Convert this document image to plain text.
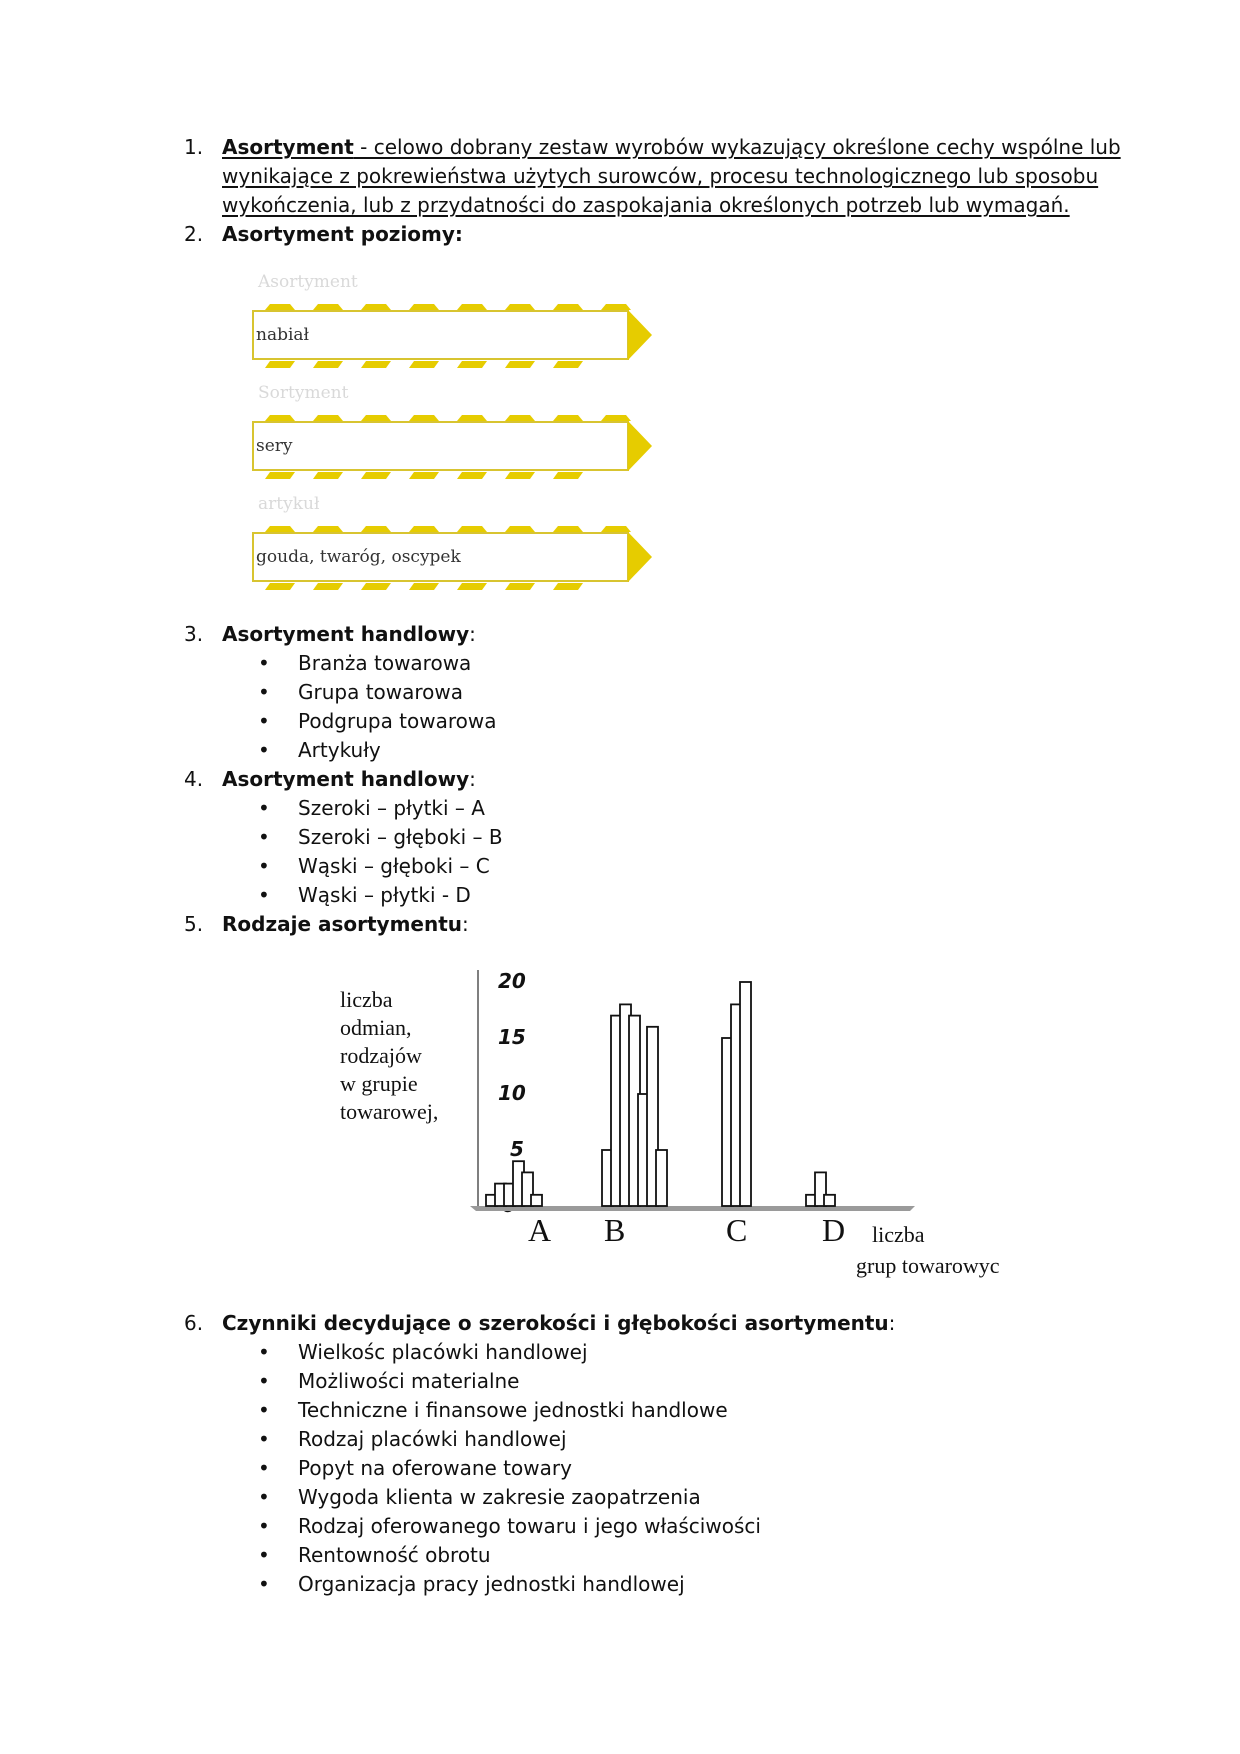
1. Asortyment - celowo dobrany zestaw wyrobów wykazujący określone cechy wspólne lub
wynikające z pokrewieństwa użytych surowców, procesu technologicznego lub sposobu
wykończenia, lub z przydatności do zaspokajania określonych potrzeb lub wymagań.
2. Asortyment poziomy:
Asortyment
nabiał
Sortyment
sery
artykuł
gouda, twaróg, oscypek
3. Asortyment handlowy:
• Branża towarowa
• Grupa towarowa
• Podgrupa towarowa
• Artykuły
4. Asortyment handlowy:
• Szeroki – płytki – A
• Szeroki – głęboki – B
• Wąski – głęboki – C
• Wąski – płytki - D
5. Rodzaje asortymentu:
liczba
odmian,
rodzajów
w grupie
towarowej,
5
10
15
20
A B	C D liczba
grup towarowyc
6. Czynniki decydujące o szerokości i głębokości asortymentu:
• Wielkośc placówki handlowej
• Możliwości materialne
• Techniczne i finansowe jednostki handlowe
• Rodzaj placówki handlowej
• Popyt na oferowane towary
• Wygoda klienta w zakresie zaopatrzenia
• Rodzaj oferowanego towaru i jego właściwości
• Rentowność obrotu
• Organizacja pracy jednostki handlowej
